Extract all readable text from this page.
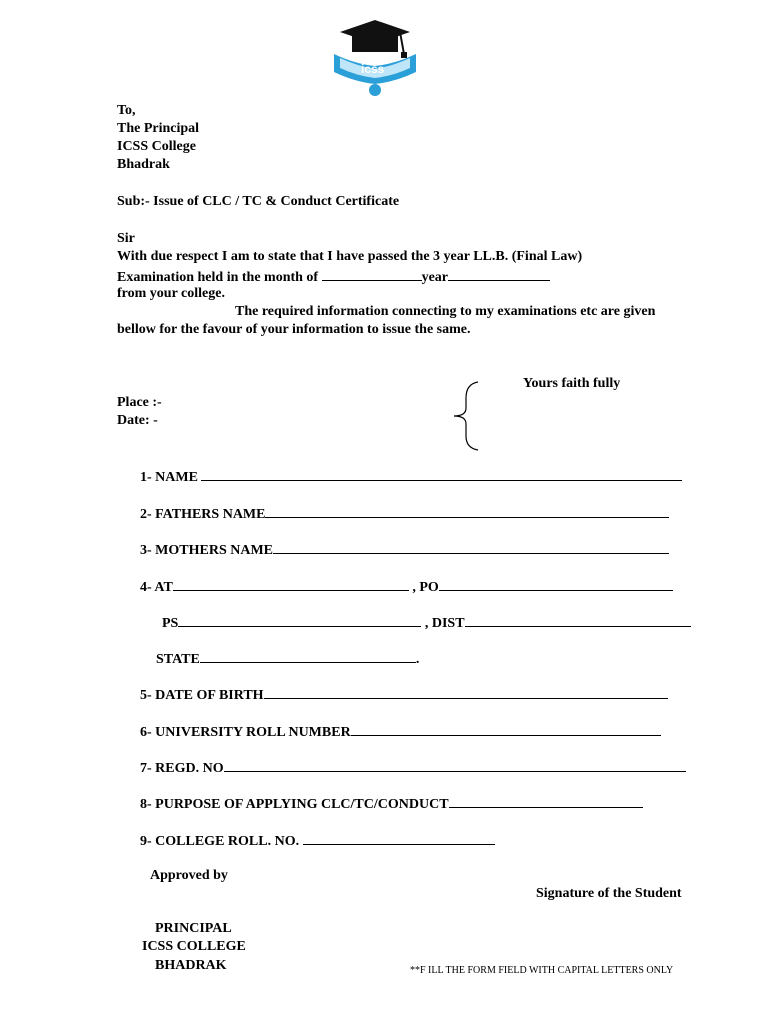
icss
To,
The Principal
ICSS College
Bhadrak
Sub:- Issue of CLC / TC & Conduct Certificate
Sir
With due respect I am to state that I have passed the 3 year LL.B. (Final Law)
Examination held in the month of	year
from your college.
The required information connecting to my examinations etc are given
bellow for the favour of your information to issue the same.
Yours faith fully
Place :-
Date: -
1- NAME
2- FATHERS NAME
3- MOTHERS NAME
4- AT	, PO
PS	, DIST
STATE	.
5- DATE OF BIRTH
6- UNIVERSITY ROLL NUMBER
7- REGD. NO
8- PURPOSE OF APPLYING CLC/TC/CONDUCT
9- COLLEGE ROLL. NO.
Approved by
Signature of the Student
PRINCIPAL
ICSS COLLEGE
BHADRAK	**F ILL THE FORM FIELD WITH CAPITAL LETTERS ONLY
